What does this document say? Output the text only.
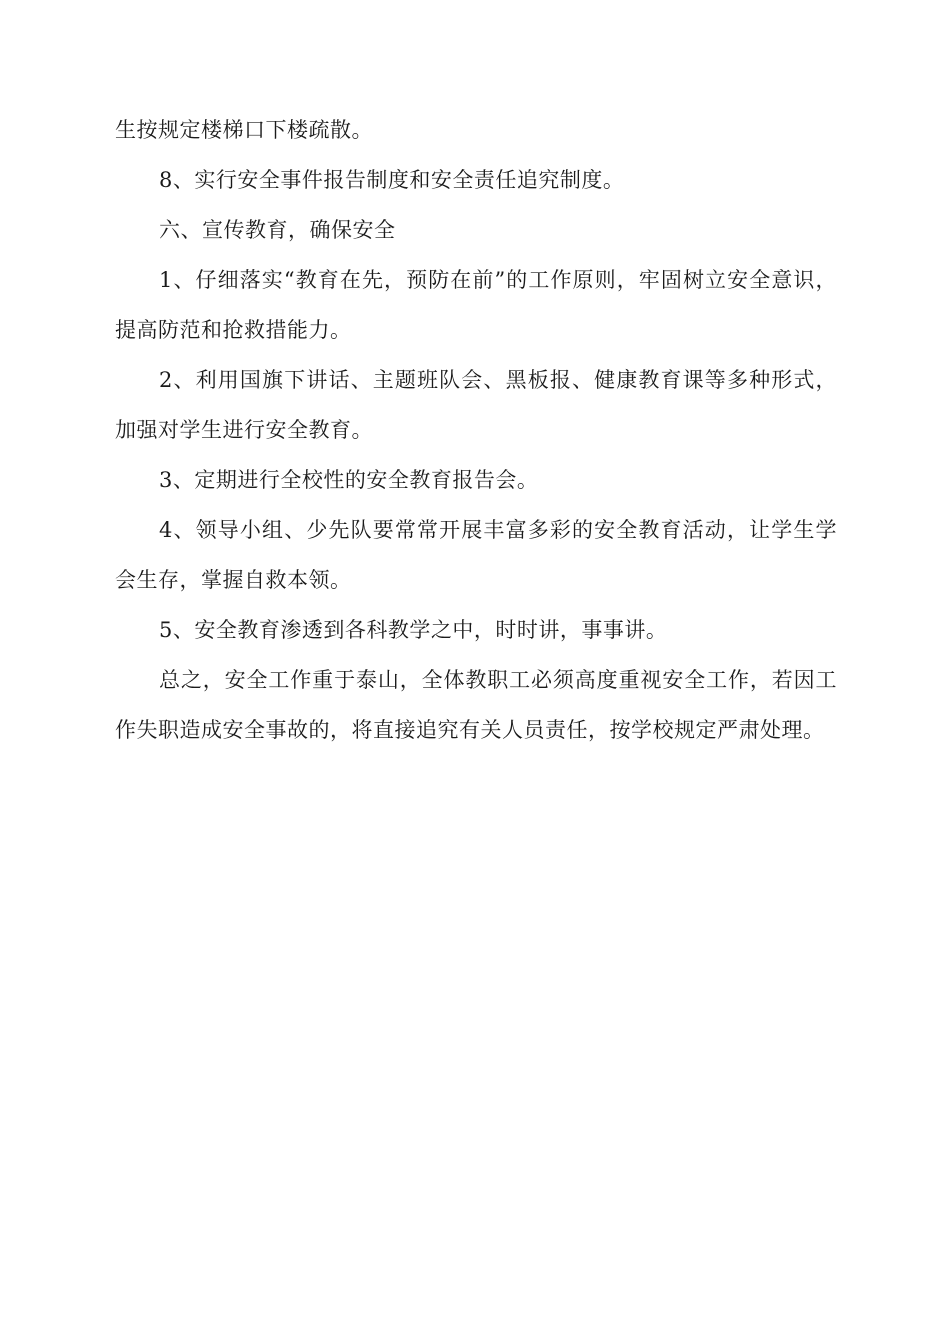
生按规定楼梯口下楼疏散。

8、实行安全事件报告制度和安全责任追究制度。

六、宣传教育，确保安全

1、仔细落实“教育在先，预防在前”的工作原则，牢固树立安全意识，提高防范和抢救措能力。

2、利用国旗下讲话、主题班队会、黑板报、健康教育课等多种形式，加强对学生进行安全教育。

3、定期进行全校性的安全教育报告会。

4、领导小组、少先队要常常开展丰富多彩的安全教育活动，让学生学会生存，掌握自救本领。

5、安全教育渗透到各科教学之中，时时讲，事事讲。

总之，安全工作重于泰山，全体教职工必须高度重视安全工作，若因工作失职造成安全事故的，将直接追究有关人员责任，按学校规定严肃处理。
